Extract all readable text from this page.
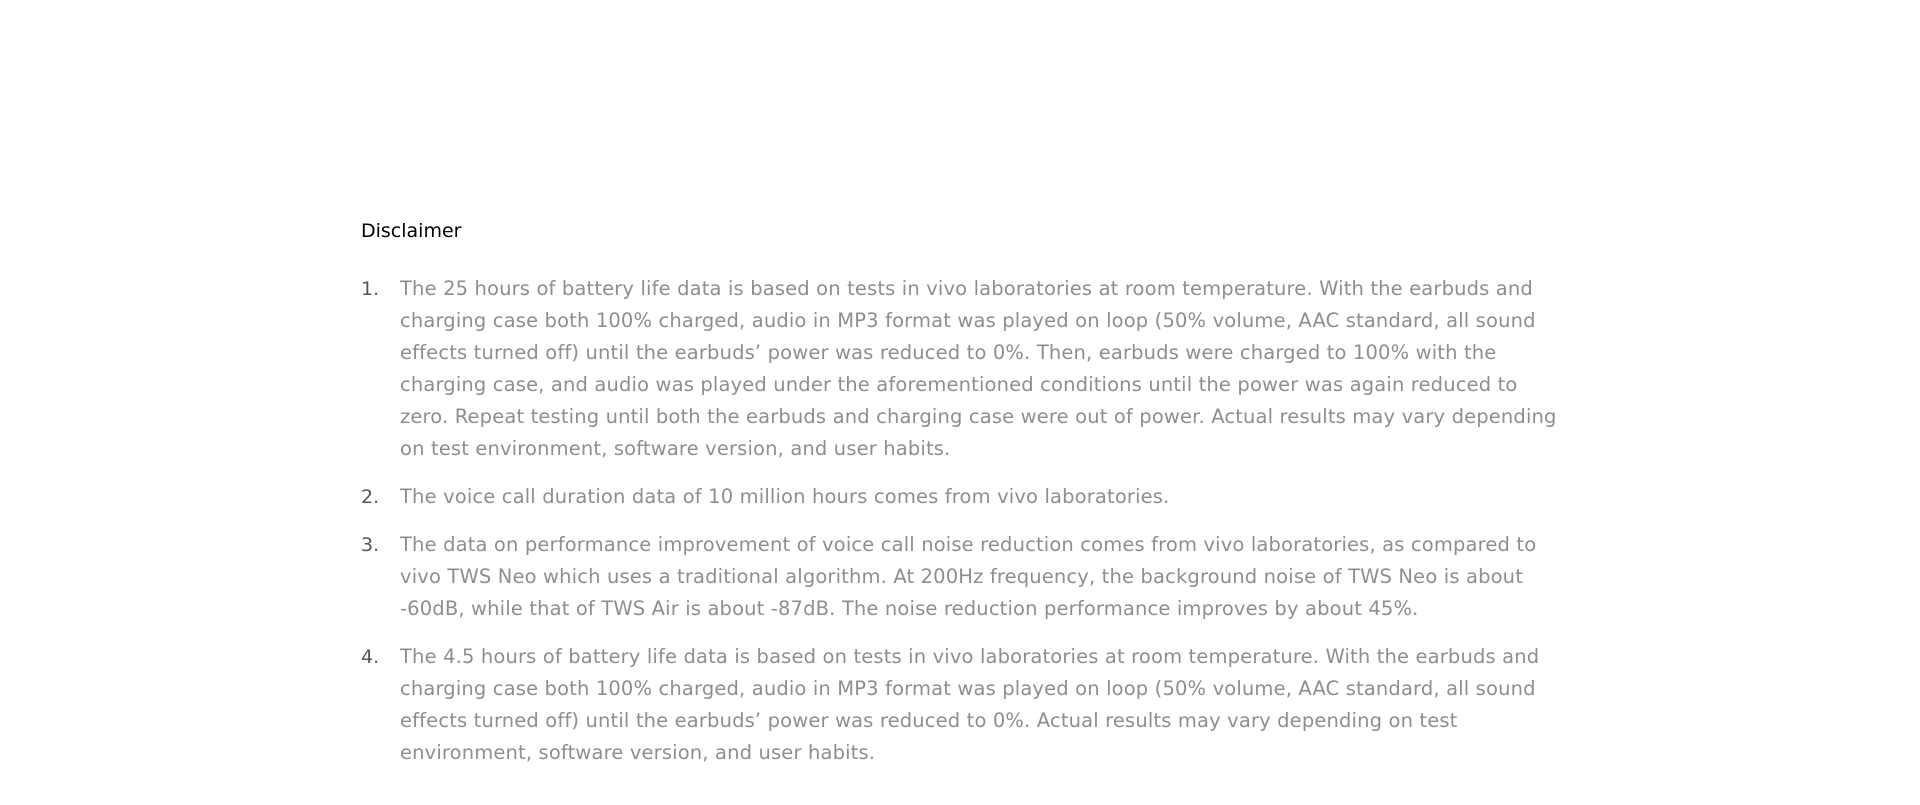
Disclaimer
1.	The 25 hours of battery life data is based on tests in vivo laboratories at room temperature. With the earbuds and charging case both 100% charged, audio in MP3 format was played on loop (50% volume, AAC standard, all sound effects turned off) until the earbuds’ power was reduced to 0%. Then, earbuds were charged to 100% with the charging case, and audio was played under the aforementioned conditions until the power was again reduced to zero. Repeat testing until both the earbuds and charging case were out of power. Actual results may vary depending on test environment, software version, and user habits.
2.	The voice call duration data of 10 million hours comes from vivo laboratories.
3.	The data on performance improvement of voice call noise reduction comes from vivo laboratories, as compared to vivo TWS Neo which uses a traditional algorithm. At 200Hz frequency, the background noise of TWS Neo is about -60dB, while that of TWS Air is about -87dB. The noise reduction performance improves by about 45%.
4.	The 4.5 hours of battery life data is based on tests in vivo laboratories at room temperature. With the earbuds and charging case both 100% charged, audio in MP3 format was played on loop (50% volume, AAC standard, all sound effects turned off) until the earbuds’ power was reduced to 0%. Actual results may vary depending on test environment, software version, and user habits.
